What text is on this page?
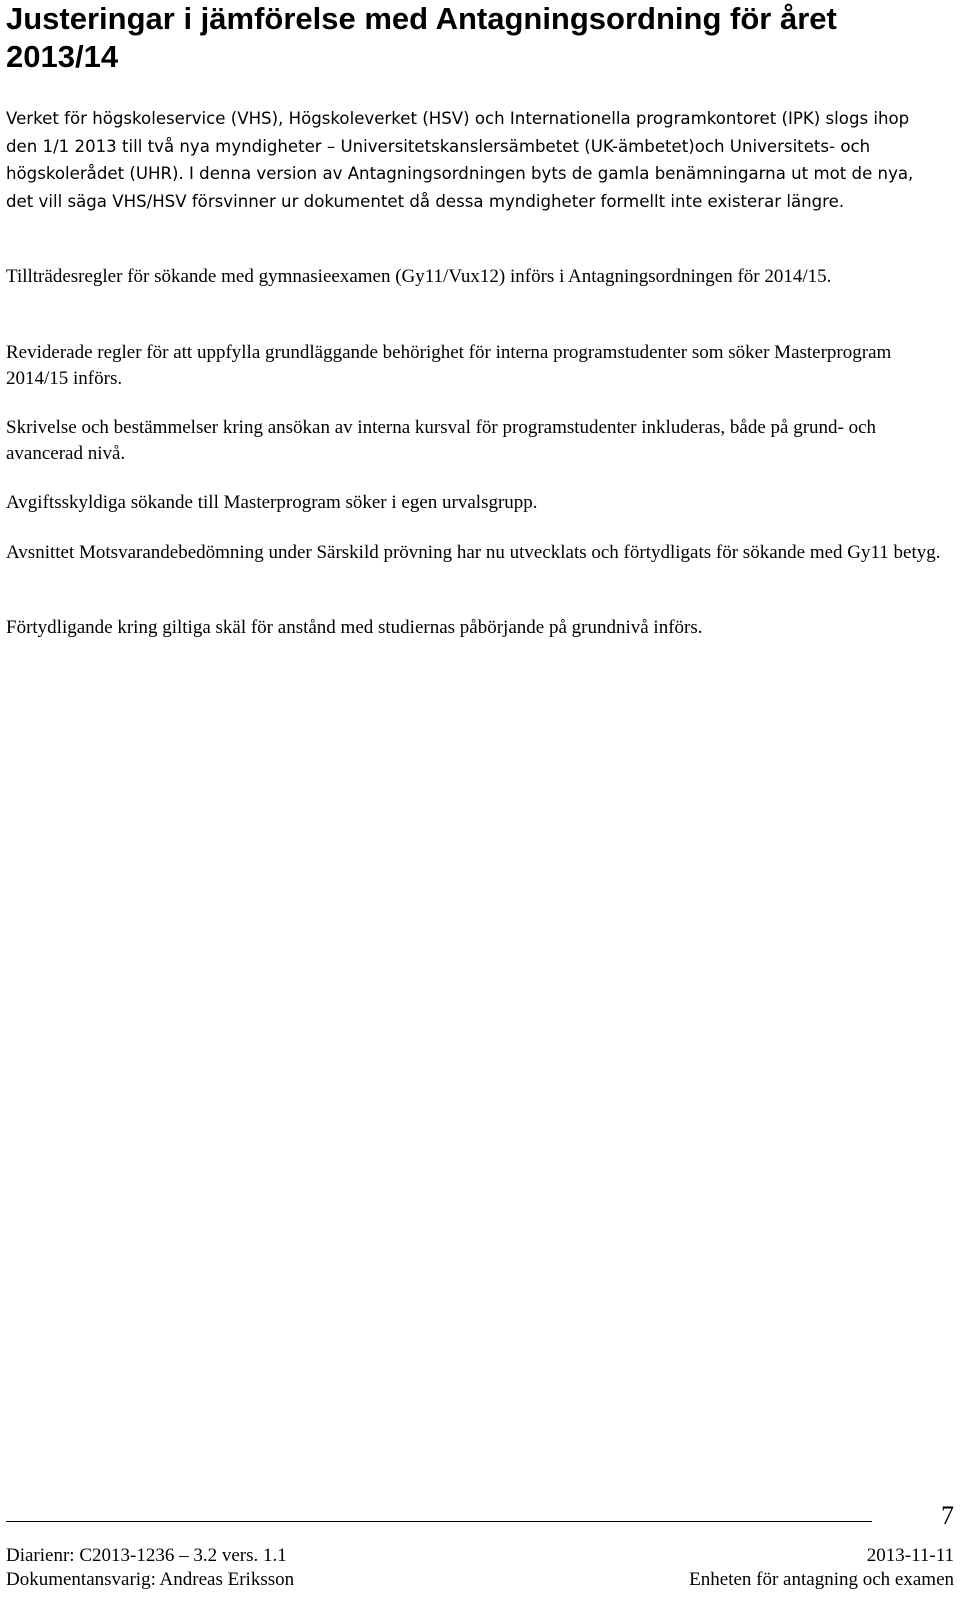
Justeringar i jämförelse med Antagningsordning för året 2013/14

Verket för högskoleservice (VHS), Högskoleverket (HSV) och Internationella programkontoret (IPK) slogs ihop den 1/1 2013 till två nya myndigheter – Universitetskanslersämbetet (UK-ämbetet)och Universitets- och högskolerådet (UHR). I denna version av Antagningsordningen byts de gamla benämningarna ut mot de nya, det vill säga VHS/HSV försvinner ur dokumentet då dessa myndigheter formellt inte existerar längre.

Tillträdesregler för sökande med gymnasieexamen (Gy11/Vux12) införs i Antagningsordningen för 2014/15.

Reviderade regler för att uppfylla grundläggande behörighet för interna programstudenter som söker Masterprogram 2014/15 införs.

Skrivelse och bestämmelser kring ansökan av interna kursval för programstudenter inkluderas, både på grund- och avancerad nivå.

Avgiftsskyldiga sökande till Masterprogram söker i egen urvalsgrupp.

Avsnittet Motsvarandebedömning under Särskild prövning har nu utvecklats och förtydligats för sökande med Gy11 betyg.

Förtydligande kring giltiga skäl för anstånd med studiernas påbörjande på grundnivå införs.

7
Diarienr: C2013-1236 – 3.2 vers. 1.1	2013-11-11
Dokumentansvarig: Andreas Eriksson	Enheten för antagning och examen
